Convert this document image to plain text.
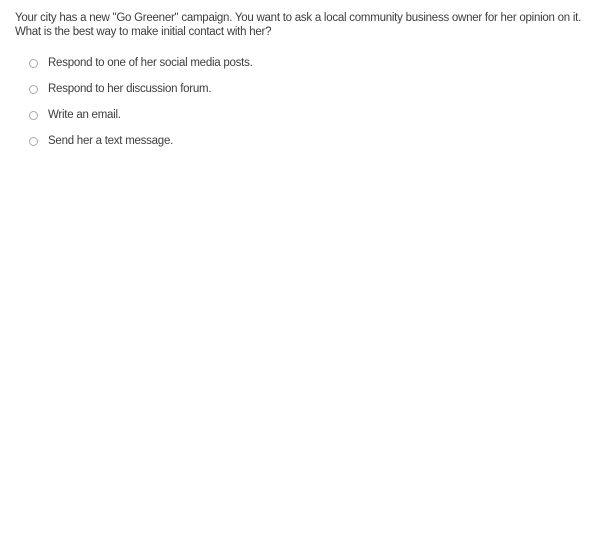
Your city has a new "Go Greener" campaign. You want to ask a local community business owner for her opinion on it. What is the best way to make initial contact with her?
Respond to one of her social media posts.
Respond to her discussion forum.
Write an email.
Send her a text message.
